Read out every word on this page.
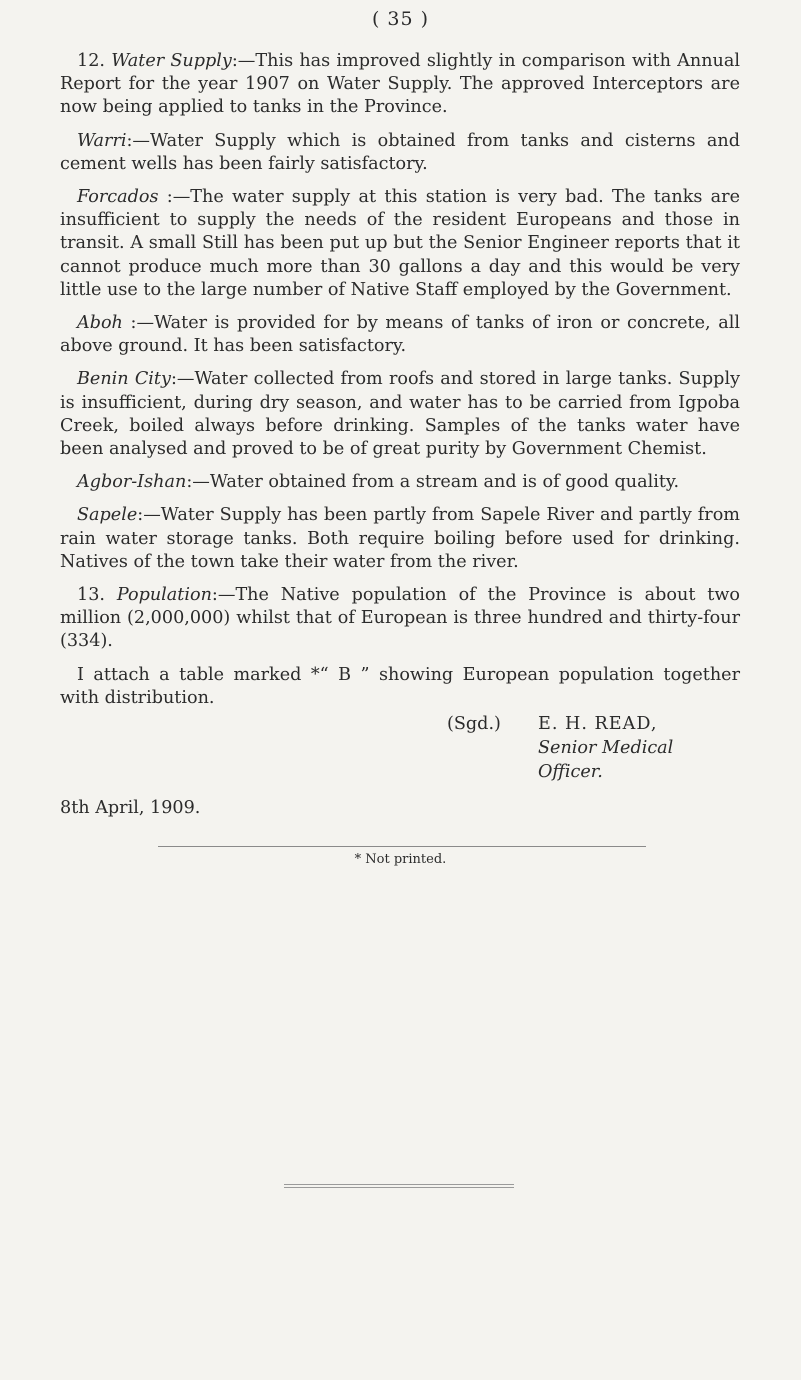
( 35 )

12. Water Supply:—This has improved slightly in comparison with Annual Report for the year 1907 on Water Supply. The approved Interceptors are now being applied to tanks in the Province.

Warri:—Water Supply which is obtained from tanks and cisterns and cement wells has been fairly satisfactory.

Forcados :—The water supply at this station is very bad. The tanks are insufficient to supply the needs of the resident Europeans and those in transit. A small Still has been put up but the Senior Engineer reports that it cannot produce much more than 30 gallons a day and this would be very little use to the large number of Native Staff employed by the Government.

Aboh :—Water is provided for by means of tanks of iron or concrete, all above ground. It has been satisfactory.

Benin City:—Water collected from roofs and stored in large tanks. Supply is insufficient, during dry season, and water has to be carried from Igpoba Creek, boiled always before drinking. Samples of the tanks water have been analysed and proved to be of great purity by Government Chemist.

Agbor-Ishan:—Water obtained from a stream and is of good quality.

Sapele:—Water Supply has been partly from Sapele River and partly from rain water storage tanks. Both require boiling before used for drinking. Natives of the town take their water from the river.

13. Population:—The Native population of the Province is about two million (2,000,000) whilst that of European is three hundred and thirty-four (334).

I attach a table marked *“ B ” showing European population together with distribution.

(Sgd.) E. H. READ,
Senior Medical Officer.
8th April, 1909.
* Not printed.
